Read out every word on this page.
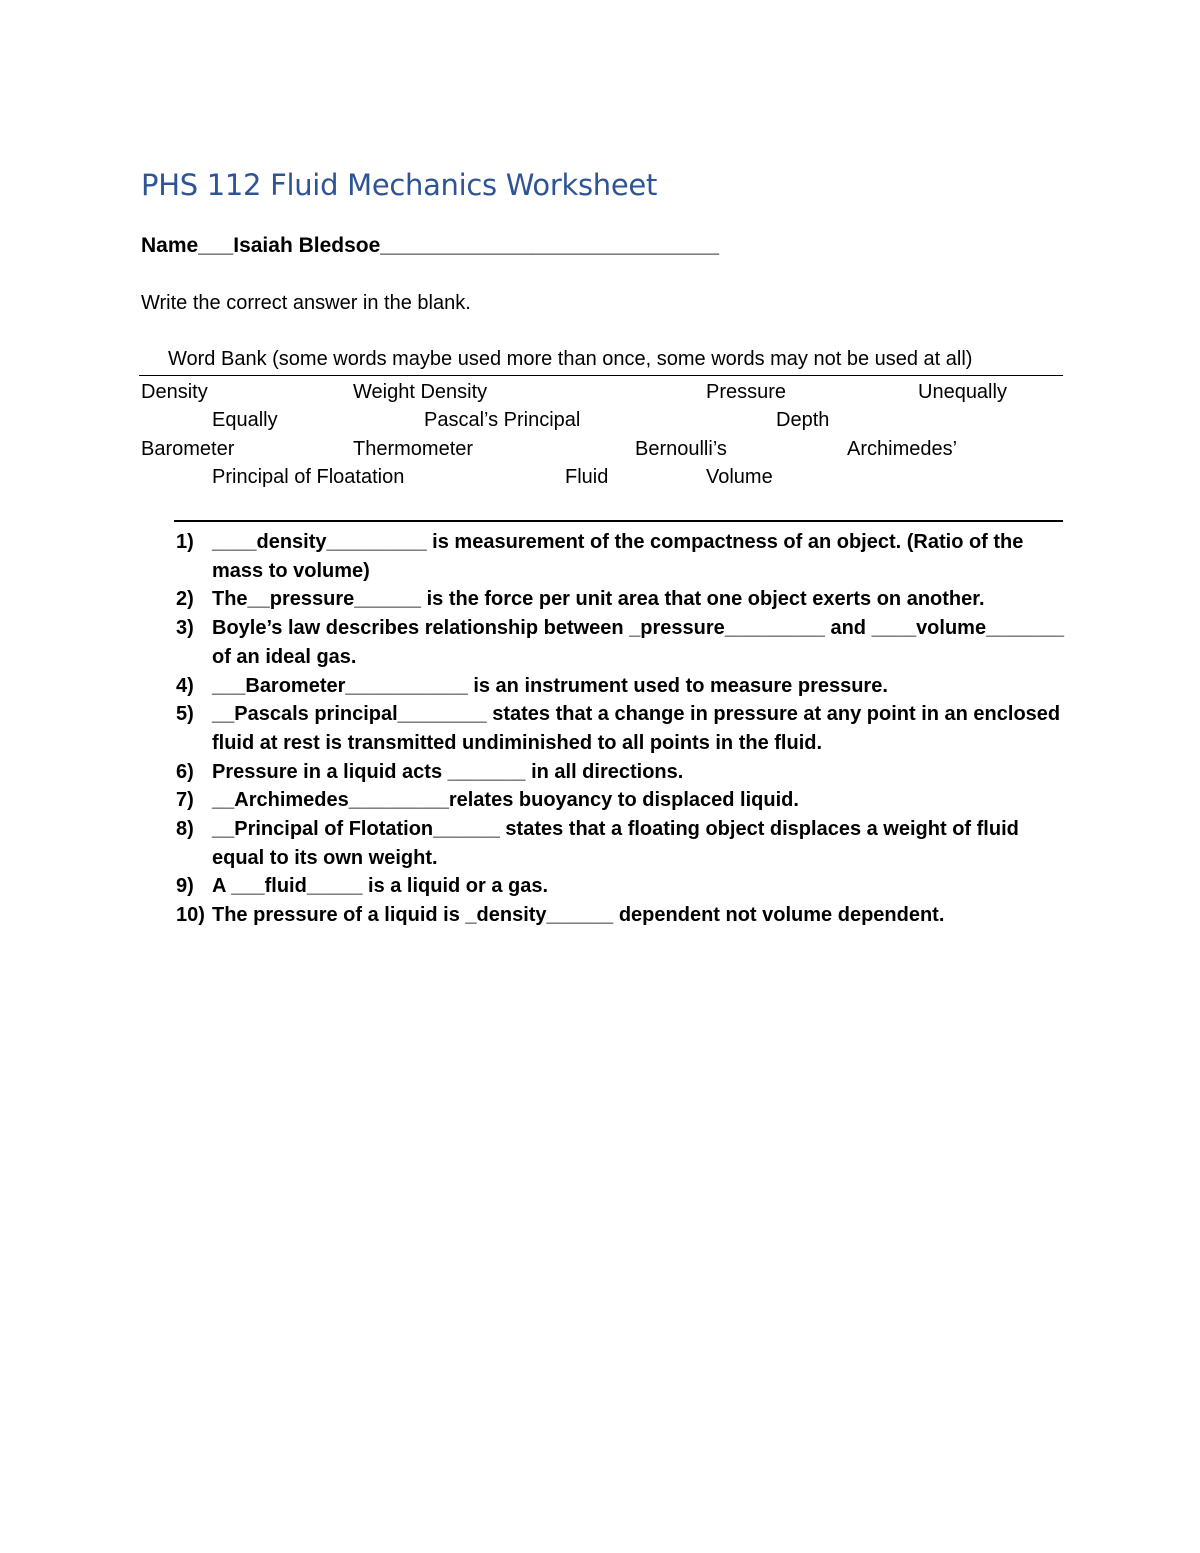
PHS 112 Fluid Mechanics Worksheet
Name___Isaiah Bledsoe_____________________________
Write the correct answer in the blank.
Word Bank (some words maybe used more than once, some words may not be used at all)
Density	Weight Density	Pressure	Unequally
Equally	Pascal’s Principal	Depth
Barometer	Thermometer	Bernoulli’s	Archimedes’
Principal of Floatation	Fluid	Volume
1) ____density_________ is measurement of the compactness of an object. (Ratio of the mass to volume)
2) The__pressure______ is the force per unit area that one object exerts on another.
3) Boyle’s law describes relationship between _pressure_________ and ____volume_______ of an ideal gas.
4) ___Barometer___________ is an instrument used to measure pressure.
5) __Pascals principal________ states that a change in pressure at any point in an enclosed fluid at rest is transmitted undiminished to all points in the fluid.
6) Pressure in a liquid acts _______ in all directions.
7) __Archimedes_________relates buoyancy to displaced liquid.
8) __Principal of Flotation______ states that a floating object displaces a weight of fluid equal to its own weight.
9) A ___fluid_____ is a liquid or a gas.
10) The pressure of a liquid is _density______ dependent not volume dependent.
